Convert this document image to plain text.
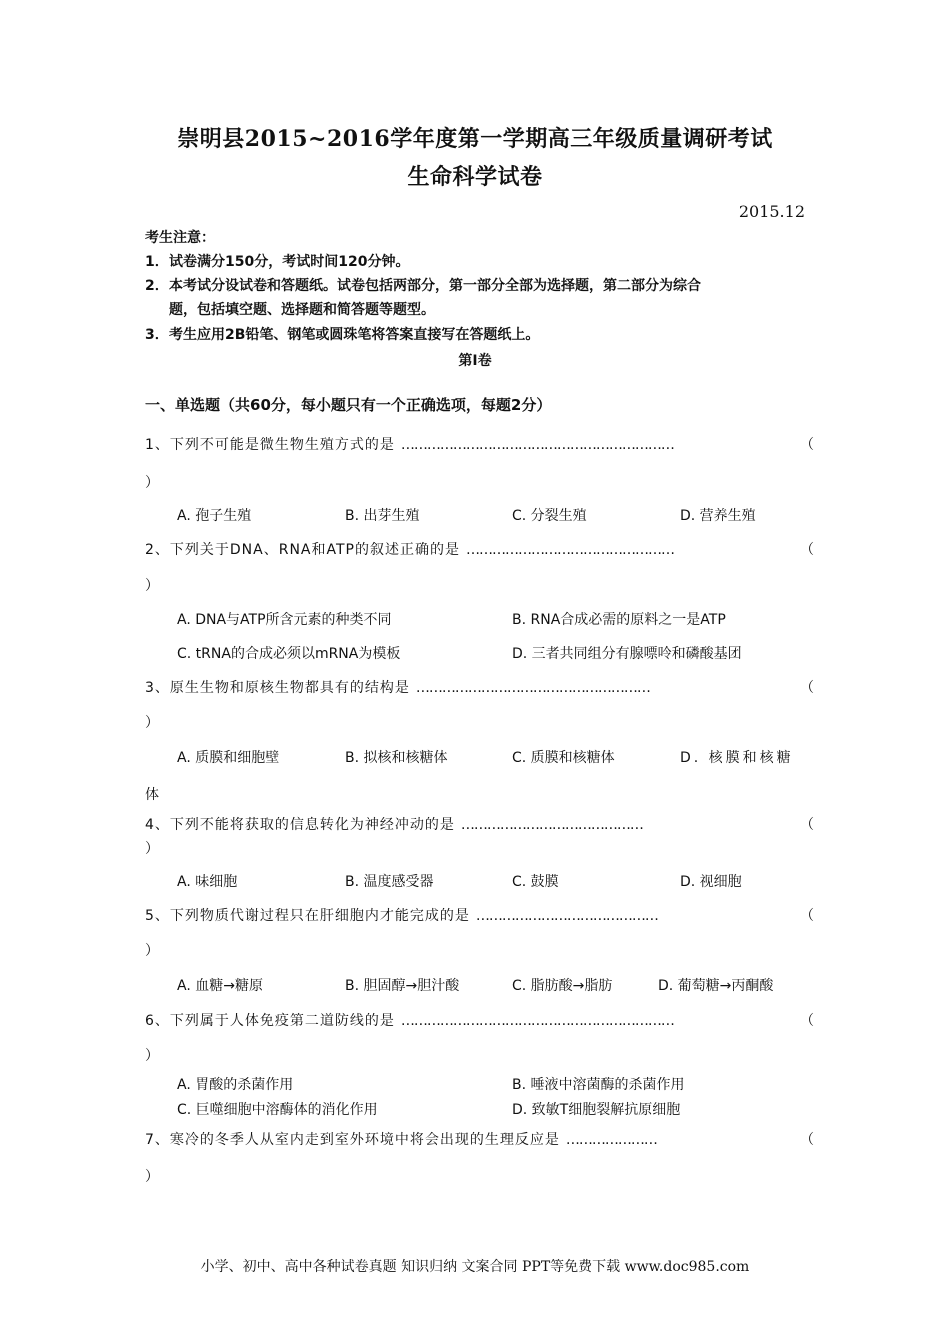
崇明县2015~2016学年度第一学期高三年级质量调研考试
生命科学试卷
2015.12
考生注意：
1．试卷满分150分，考试时间120分钟。
2．本考试分设试卷和答题纸。试卷包括两部分，第一部分全部为选择题，第二部分为综合
题，包括填空题、选择题和简答题等题型。
3．考生应用2B铅笔、钢笔或圆珠笔将答案直接写在答题纸上。
第I卷
一、单选题（共60分，每小题只有一个正确选项，每题2分）
1、下列不可能是微生物生殖方式的是 ………………………………………………………	（
）
A. 孢子生殖	B. 出芽生殖	C. 分裂生殖	D. 营养生殖
2、下列关于DNA、RNA和ATP的叙述正确的是 …………………………………………	（
）
A. DNA与ATP所含元素的种类不同	B. RNA合成必需的原料之一是ATP
C. tRNA的合成必须以mRNA为模板	D. 三者共同组分有腺嘌呤和磷酸基团
3、原生生物和原核生物都具有的结构是 ………………………………………………	（
）
A. 质膜和细胞壁	B. 拟核和核糖体	C. 质膜和核糖体	D. 核膜和核糖
体
4、下列不能将获取的信息转化为神经冲动的是 ……………………………………	（
）
A. 味细胞	B. 温度感受器	C. 鼓膜	D. 视细胞
5、下列物质代谢过程只在肝细胞内才能完成的是 ……………………………………	（
）
A. 血糖→糖原	B. 胆固醇→胆汁酸	C. 脂肪酸→脂肪	D. 葡萄糖→丙酮酸
6、下列属于人体免疫第二道防线的是 ………………………………………………………	（
）
A. 胃酸的杀菌作用	B. 唾液中溶菌酶的杀菌作用
C. 巨噬细胞中溶酶体的消化作用	D. 致敏T细胞裂解抗原细胞
7、寒冷的冬季人从室内走到室外环境中将会出现的生理反应是 …………………	（
）
小学、初中、高中各种试卷真题 知识归纳 文案合同 PPT等免费下载 www.doc985.com
